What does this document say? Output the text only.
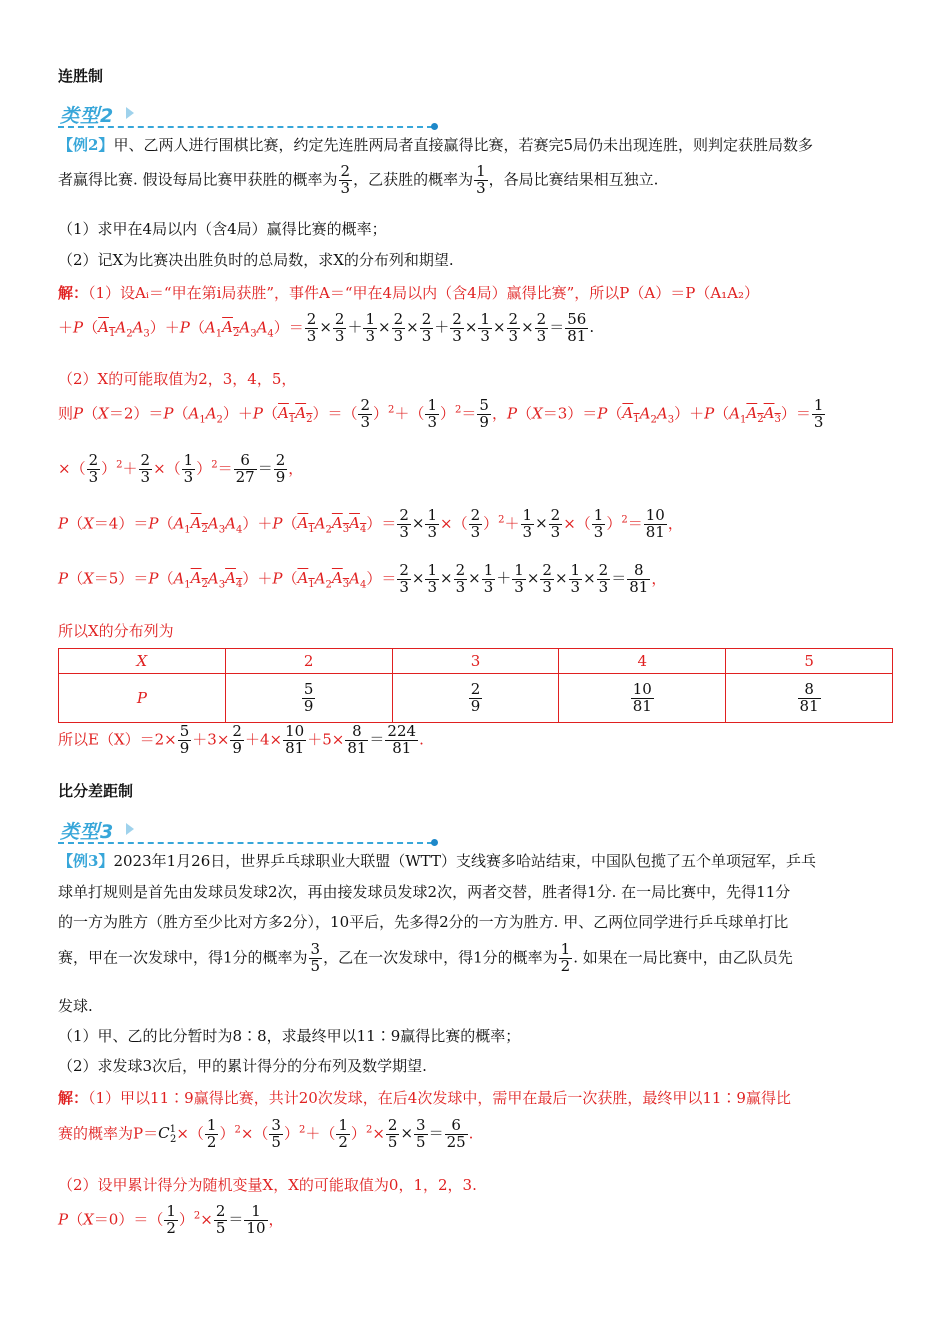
连胜制
类型2
【例2】甲、乙两人进行围棋比赛，约定先连胜两局者直接赢得比赛，若赛完5局仍未出现连胜，则判定获胜局数多
者赢得比赛. 假设每局比赛甲获胜的概率为 $\frac{2}{3}$ ，乙获胜的概率为 $\frac{1}{3}$ ，各局比赛结果相互独立.
（1）求甲在4局以内（含4局）赢得比赛的概率；
（2）记X为比赛决出胜负时的总局数，求X的分布列和期望.
解：（1）设Aᵢ＝“甲在第i局获胜”，事件A＝“甲在4局以内（含4局）赢得比赛”，所以P（A）＝P（A₁A₂）
$+P(A_1A_2A_3)+P(A_1A_2A_3A_4)= \frac{2}{3} \times \frac{2}{3} + \frac{1}{3} \times \frac{2}{3} \times \frac{2}{3} + \frac{2}{3} \times \frac{1}{3} \times \frac{2}{3} \times \frac{2}{3} = \frac{56}{81}$ .
（2）X的可能取值为2，3，4，5，
则$P(X=2)=P(A_1A_2)+P(A_1A_2)=( \frac{2}{3} )^2+( \frac{1}{3} )^2= \frac{5}{9}$ ，$P(X=3)=P(A_1A_2A_3)+P(A_1A_2A_3)= \frac{1}{3}$
×（ $\frac{2}{3} )^2+ \frac{2}{3}$ ×（ $\frac{1}{3} )^2= \frac{6}{27} = \frac{2}{9}$ ，
$P(X=4)=P(A_1A_2A_3A_4)+P(A_1A_2A_3A_4)= \frac{2}{3} \times \frac{1}{3}$ ×（ $\frac{2}{3} )^2+ \frac{1}{3} \times \frac{2}{3}$ ×（ $\frac{1}{3} )^2= \frac{10}{81}$ ，
$P(X=5)=P(A_1A_2A_3A_4)+P(A_1A_2A_3A_4)= \frac{2}{3} \times \frac{1}{3} \times \frac{2}{3} \times \frac{1}{3} + \frac{1}{3} \times \frac{2}{3} \times \frac{1}{3} \times \frac{2}{3} = \frac{8}{81}$ ，
所以X的分布列为
X	2	3	4	5
P	$\frac{5}{9}$	$\frac{2}{9}$	$\frac{10}{81}$	$\frac{8}{81}$
所以$E(X)=2\times \frac{5}{9} +3\times \frac{2}{9} +4\times \frac{10}{81} +5\times \frac{8}{81} = \frac{224}{81}$ .
比分差距制
类型3
【例3】2023年1月26日，世界乒乓球职业大联盟（WTT）支线赛多哈站结束，中国队包揽了五个单项冠军，乒乓
球单打规则是首先由发球员发球2次，再由接发球员发球2次，两者交替，胜者得1分. 在一局比赛中，先得11分
的一方为胜方（胜方至少比对方多2分），10平后，先多得2分的一方为胜方. 甲、乙两位同学进行乒乓球单打比
赛，甲在一次发球中，得1分的概率为 $\frac{3}{5}$ ，乙在一次发球中，得1分的概率为 $\frac{1}{2}$ . 如果在一局比赛中，由乙队员先
发球.
（1）甲、乙的比分暂时为8∶8，求最终甲以11∶9赢得比赛的概率；
（2）求发球3次后，甲的累计得分的分布列及数学期望.
解：（1）甲以11∶9赢得比赛，共计20次发球，在后4次发球中，需甲在最后一次获胜，最终甲以11∶9赢得比
赛的概率为$P=C^1_2\times( \frac{1}{2} )^2\times( \frac{3}{5} )^2+( \frac{1}{2} )^2\times \frac{2}{5} \times \frac{3}{5} = \frac{6}{25}$ .
（2）设甲累计得分为随机变量X，X的可能取值为0，1，2，3.
$P(X=0)=( \frac{1}{2} )^2\times \frac{2}{5} = \frac{1}{10}$ ，
